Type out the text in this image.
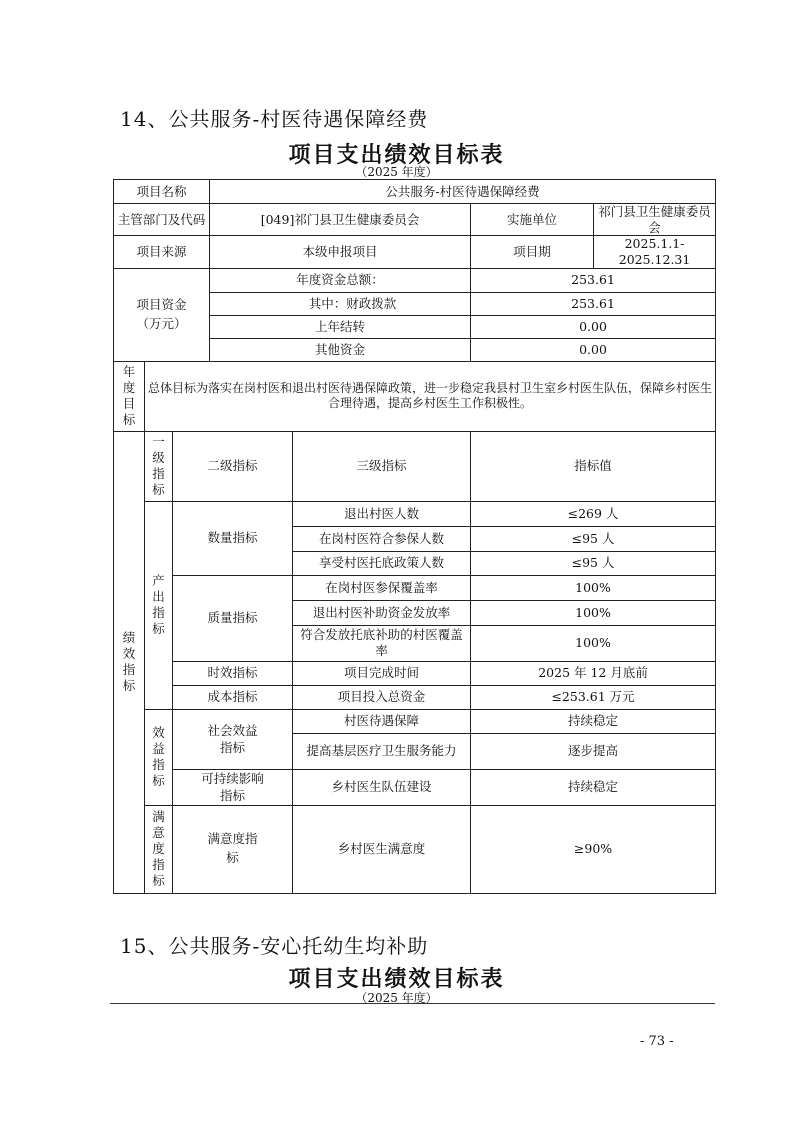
14、公共服务-村医待遇保障经费
项目支出绩效目标表
（2025 年度）
项目名称			公共服务-村医待遇保障经费			
主管部门及代码			[049]祁门县卫生健康委员会		实施单位	祁门县卫生健康委员会
项目来源			本级申报项目		项目期	2025.1.1-2025.12.31

项目资金（万元）			年度资金总额：		253.61	
			其中：财政拨款		253.61	
			上年结转		0.00	
			其他资金		0.00	

年度目标	总体目标为落实在岗村医和退出村医待遇保障政策，进一步稳定我县村卫生室乡村医生队伍，保障乡村医生合理待遇，提高乡村医生工作积极性。					

绩效指标	一级指标	二级指标		三级指标	指标值	

	产出指标	数量指标		退出村医人数	≤269 人	
				在岗村医符合参保人数	≤95 人	
				享受村医托底政策人数	≤95 人	
		质量指标		在岗村医参保覆盖率	100%	
				退出村医补助资金发放率	100%	
				符合发放托底补助的村医覆盖率	100%	
		时效指标		项目完成时间	2025 年 12 月底前	
		成本指标		项目投入总资金	≤253.61 万元	

	效益指标	社会效益指标		村医待遇保障	持续稳定	
				提高基层医疗卫生服务能力	逐步提高	

		可持续影响指标		乡村医生队伍建设	持续稳定	

	满意度指标	满意度指标		乡村医生满意度	≥90%	
15、公共服务-安心托幼生均补助
项目支出绩效目标表
（2025 年度）
- 73 -
